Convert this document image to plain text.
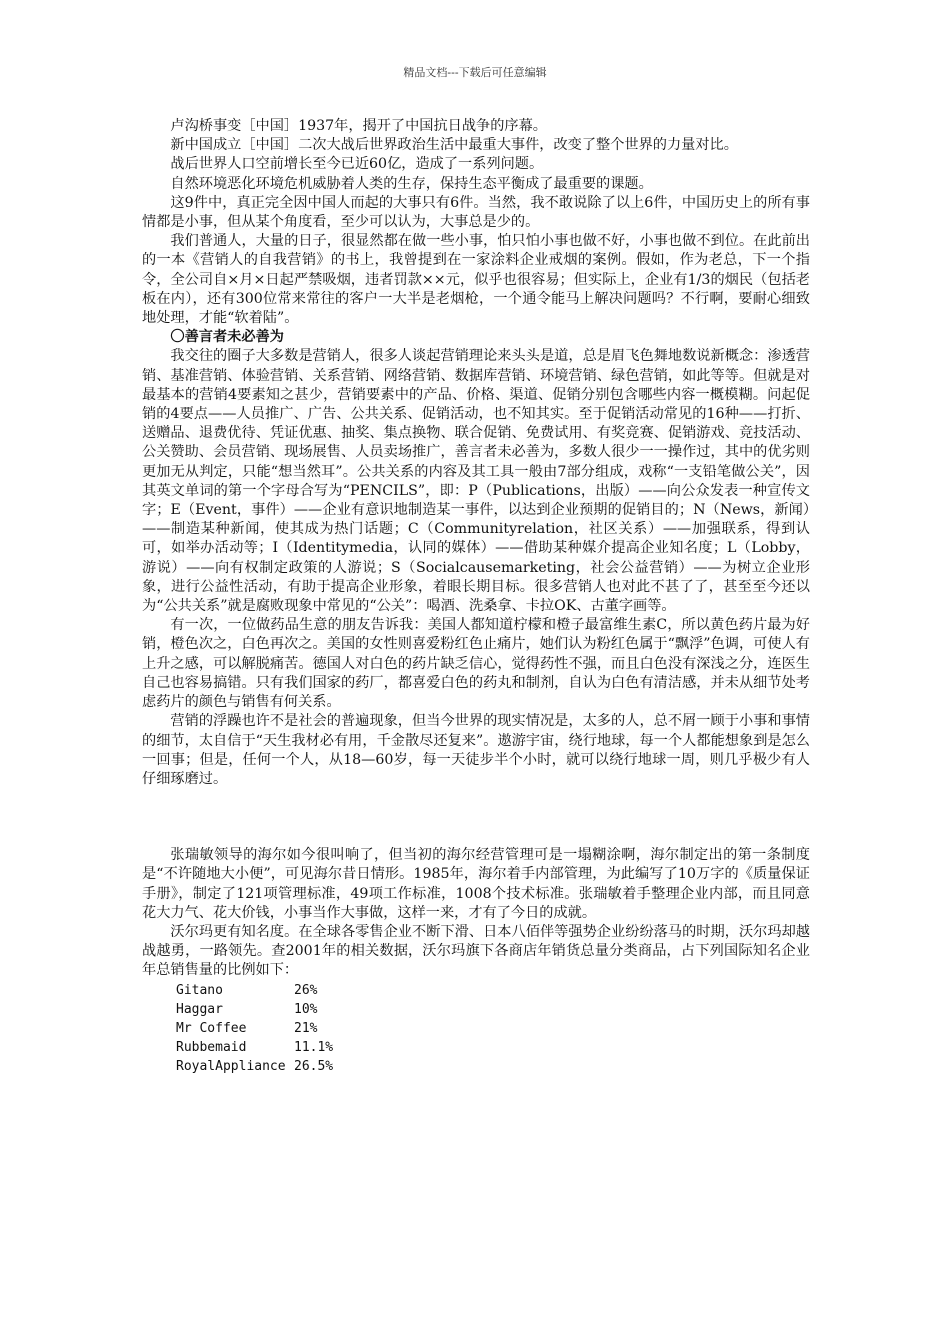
精品文档---下载后可任意编辑

卢沟桥事变［中国］1937年，揭开了中国抗日战争的序幕。

新中国成立［中国］二次大战后世界政治生活中最重大事件，改变了整个世界的力量对比。

战后世界人口空前增长至今已近60亿，造成了一系列问题。

自然环境恶化环境危机威胁着人类的生存，保持生态平衡成了最重要的课题。

这9件中，真正完全因中国人而起的大事只有6件。当然，我不敢说除了以上6件，中国历史上的所有事情都是小事，但从某个角度看，至少可以认为，大事总是少的。

我们普通人，大量的日子，很显然都在做一些小事，怕只怕小事也做不好，小事也做不到位。在此前出的一本《营销人的自我营销》的书上，我曾提到在一家涂料企业戒烟的案例。假如，作为老总，下一个指令，全公司自×月×日起严禁吸烟，违者罚款××元，似乎也很容易；但实际上，企业有1/3的烟民（包括老板在内），还有300位常来常往的客户一大半是老烟枪，一个通令能马上解决问题吗？不行啊，要耐心细致地处理，才能“软着陆”。

〇善言者未必善为

我交往的圈子大多数是营销人，很多人谈起营销理论来头头是道，总是眉飞色舞地数说新概念：渗透营销、基准营销、体验营销、关系营销、网络营销、数据库营销、环境营销、绿色营销，如此等等。但就是对最基本的营销4要素知之甚少，营销要素中的产品、价格、渠道、促销分别包含哪些内容一概模糊。问起促销的4要点——人员推广、广告、公共关系、促销活动，也不知其实。至于促销活动常见的16种——打折、送赠品、退费优待、凭证优惠、抽奖、集点换物、联合促销、免费试用、有奖竞赛、促销游戏、竞技活动、公关赞助、会员营销、现场展售、人员卖场推广，善言者未必善为，多数人很少一一操作过，其中的优劣则更加无从判定，只能“想当然耳”。公共关系的内容及其工具一般由7部分组成，戏称“一支铅笔做公关”，因其英文单词的第一个字母合写为“PENCILS”，即：P（Publications，出版）——向公众发表一种宣传文字；E（Event，事件）——企业有意识地制造某一事件，以达到企业预期的促销目的；N（News，新闻）——制造某种新闻，使其成为热门话题；C（Communityrelation，社区关系）——加强联系，得到认可，如举办活动等；I（Identitymedia，认同的媒体）——借助某种媒介提高企业知名度；L（Lobby，游说）——向有权制定政策的人游说；S（Socialcausemarketing，社会公益营销）——为树立企业形象，进行公益性活动，有助于提高企业形象，着眼长期目标。很多营销人也对此不甚了了，甚至至今还以为“公共关系”就是腐败现象中常见的“公关”：喝酒、洗桑拿、卡拉OK、古董字画等。

有一次，一位做药品生意的朋友告诉我：美国人都知道柠檬和橙子最富维生素C，所以黄色药片最为好销，橙色次之，白色再次之。美国的女性则喜爱粉红色止痛片，她们认为粉红色属于“飘浮”色调，可使人有上升之感，可以解脱痛苦。德国人对白色的药片缺乏信心，觉得药性不强，而且白色没有深浅之分，连医生自己也容易搞错。只有我们国家的药厂，都喜爱白色的药丸和制剂，自认为白色有清洁感，并未从细节处考虑药片的颜色与销售有何关系。

营销的浮躁也许不是社会的普遍现象，但当今世界的现实情况是，太多的人，总不屑一顾于小事和事情的细节，太自信于“天生我材必有用，千金散尽还复来”。遨游宇宙，绕行地球，每一个人都能想象到是怎么一回事；但是，任何一个人，从18—60岁，每一天徒步半个小时，就可以绕行地球一周，则几乎极少有人仔细琢磨过。

张瑞敏领导的海尔如今很叫响了，但当初的海尔经营管理可是一塌糊涂啊，海尔制定出的第一条制度是“不许随地大小便”，可见海尔昔日情形。1985年，海尔着手内部管理，为此编写了10万字的《质量保证手册》，制定了121项管理标准，49项工作标准，1008个技术标准。张瑞敏着手整理企业内部，而且同意花大力气、花大价钱，小事当作大事做，这样一来，才有了今日的成就。

沃尔玛更有知名度。在全球各零售企业不断下滑、日本八佰伴等强势企业纷纷落马的时期，沃尔玛却越战越勇，一路领先。查2001年的相关数据，沃尔玛旗下各商店年销货总量分类商品，占下列国际知名企业年总销售量的比例如下：

Gitano	26%
Haggar	10%
Mr Coffee	21%
Rubbemaid	11.1%
RoyalAppliance	26.5%
